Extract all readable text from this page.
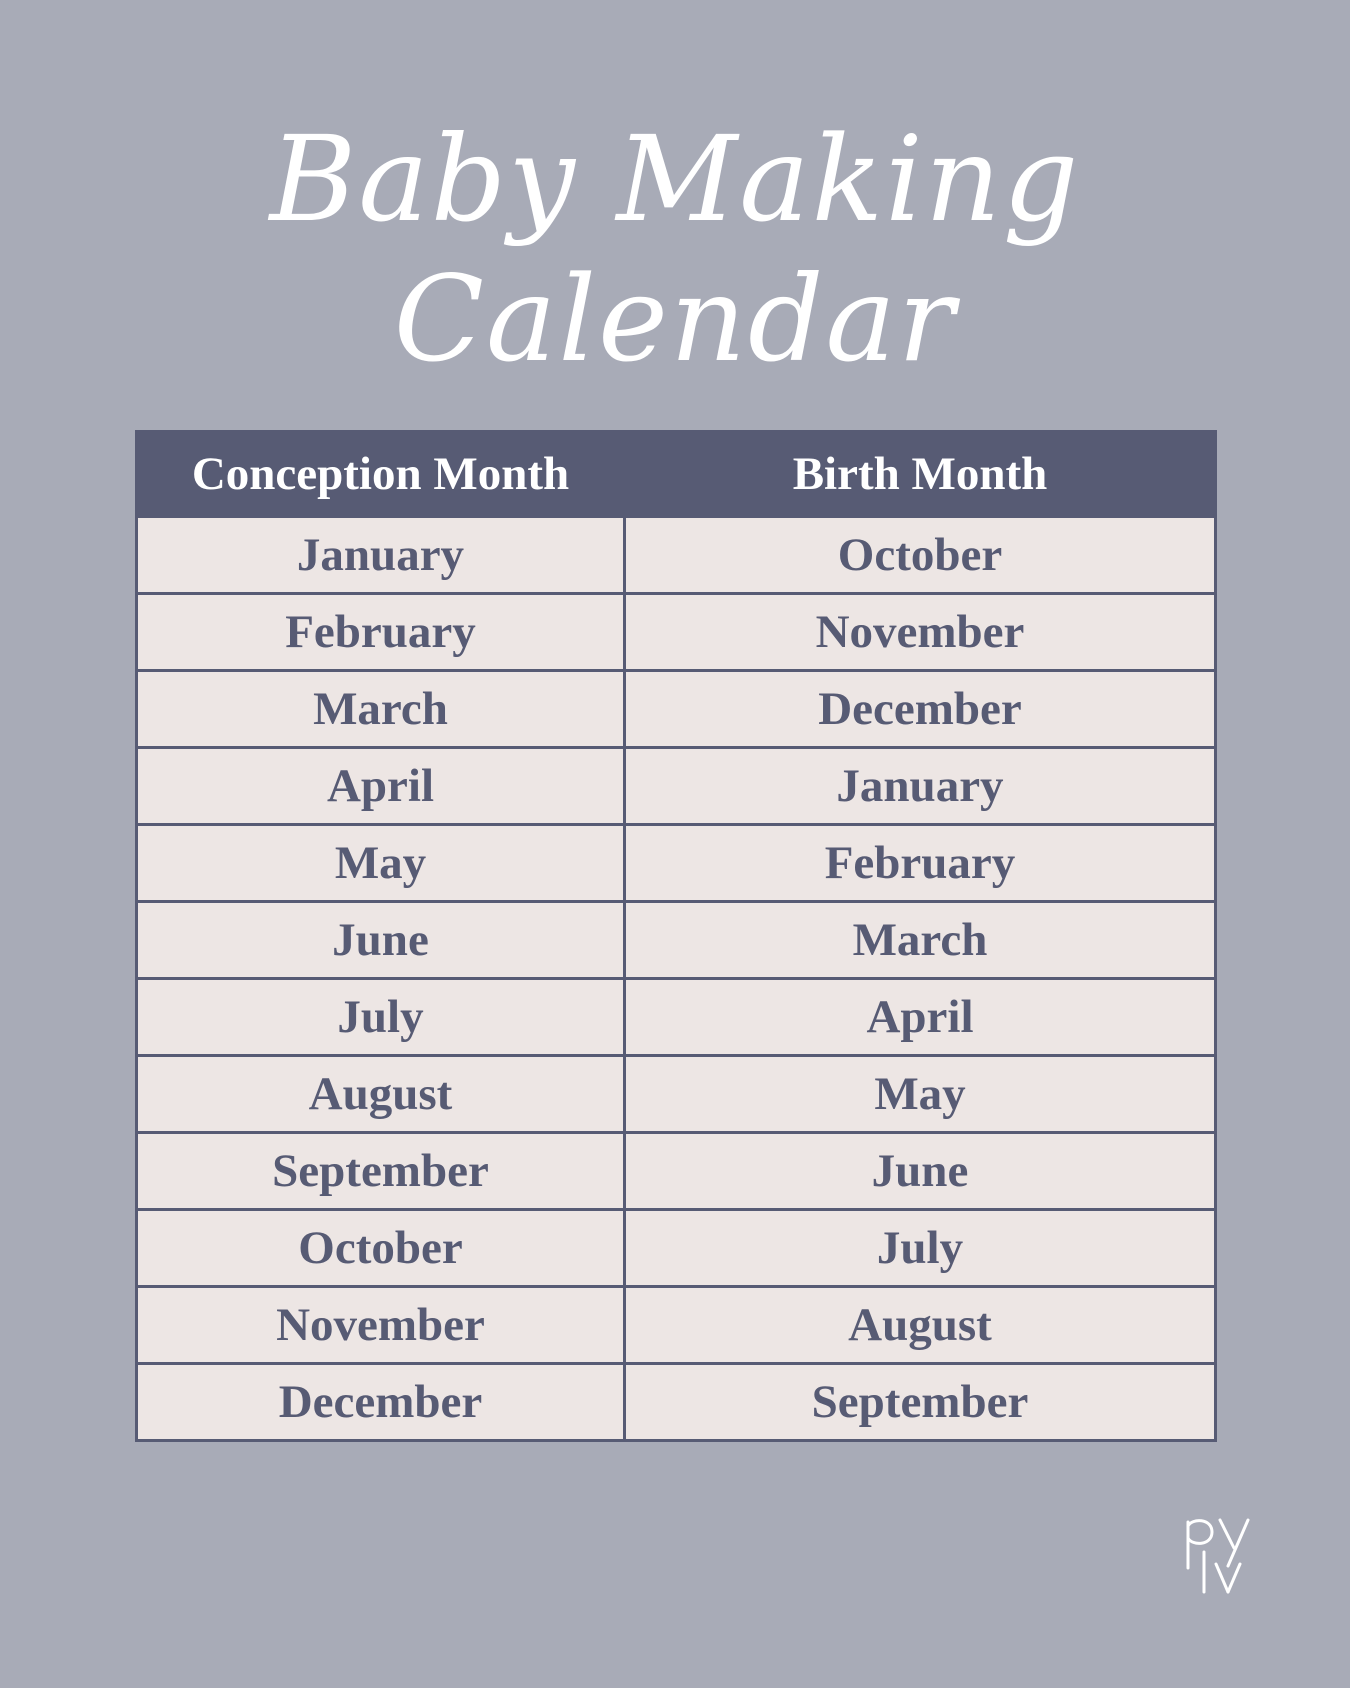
Baby Making
Calendar
Conception Month	Birth Month
January	October
February	November
March	December
April	January
May	February
June	March
July	April
August	May
September	June
October	July
November	August
December	September
